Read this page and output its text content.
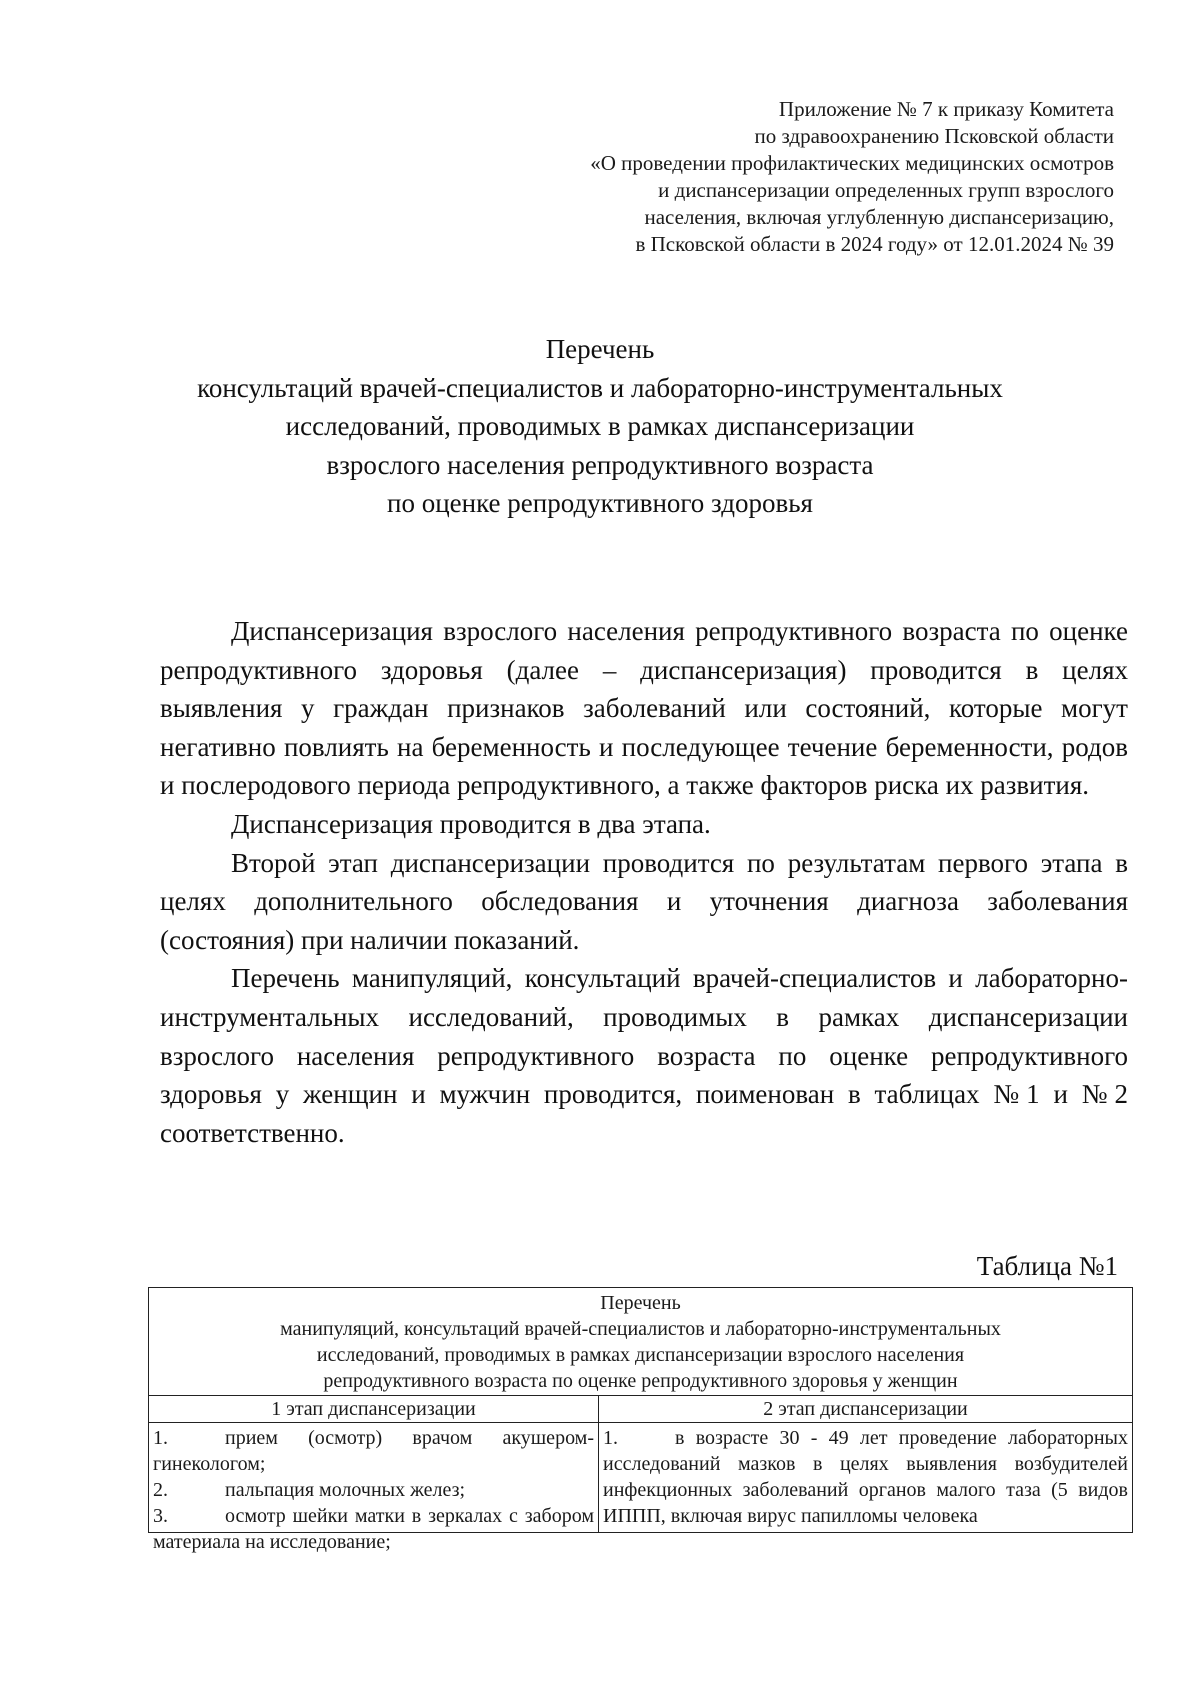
Приложение № 7 к приказу Комитета
по здравоохранению Псковской области
«О проведении профилактических медицинских осмотров
и диспансеризации определенных групп взрослого
населения, включая углубленную диспансеризацию,
в Псковской области в 2024 году» от 12.01.2024 № 39
Перечень
консультаций врачей-специалистов и лабораторно-инструментальных
исследований, проводимых в рамках диспансеризации
взрослого населения репродуктивного возраста
по оценке репродуктивного здоровья

Диспансеризация взрослого населения репродуктивного возраста по оценке репродуктивного здоровья (далее – диспансеризация) проводится в целях выявления у граждан признаков заболеваний или состояний, которые могут негативно повлиять на беременность и последующее течение беременности, родов и послеродового периода репродуктивного, а также факторов риска их развития.

Диспансеризация проводится в два этапа.

Второй этап диспансеризации проводится по результатам первого этапа в целях дополнительного обследования и уточнения диагноза заболевания (состояния) при наличии показаний.

Перечень манипуляций, консультаций врачей-специалистов и лабораторно-инструментальных исследований, проводимых в рамках диспансеризации взрослого населения репродуктивного возраста по оценке репродуктивного здоровья у женщин и мужчин проводится, поименован в таблицах №1 и №2 соответственно.

Таблица №1
Перечень
манипуляций, консультаций врачей-специалистов и лабораторно-инструментальных
исследований, проводимых в рамках диспансеризации взрослого населения
репродуктивного возраста по оценке репродуктивного здоровья у женщин	

1 этап диспансеризации	2 этап диспансеризации

1. прием (осмотр) врачом акушером-гинекологом;
2. пальпация молочных желез;
3. осмотр шейки матки в зеркалах с забором материала на исследование;	1. в возрасте 30 - 49 лет проведение лабораторных исследований мазков в целях выявления возбудителей инфекционных заболеваний органов малого таза (5 видов ИППП, включая вирус папилломы человека
